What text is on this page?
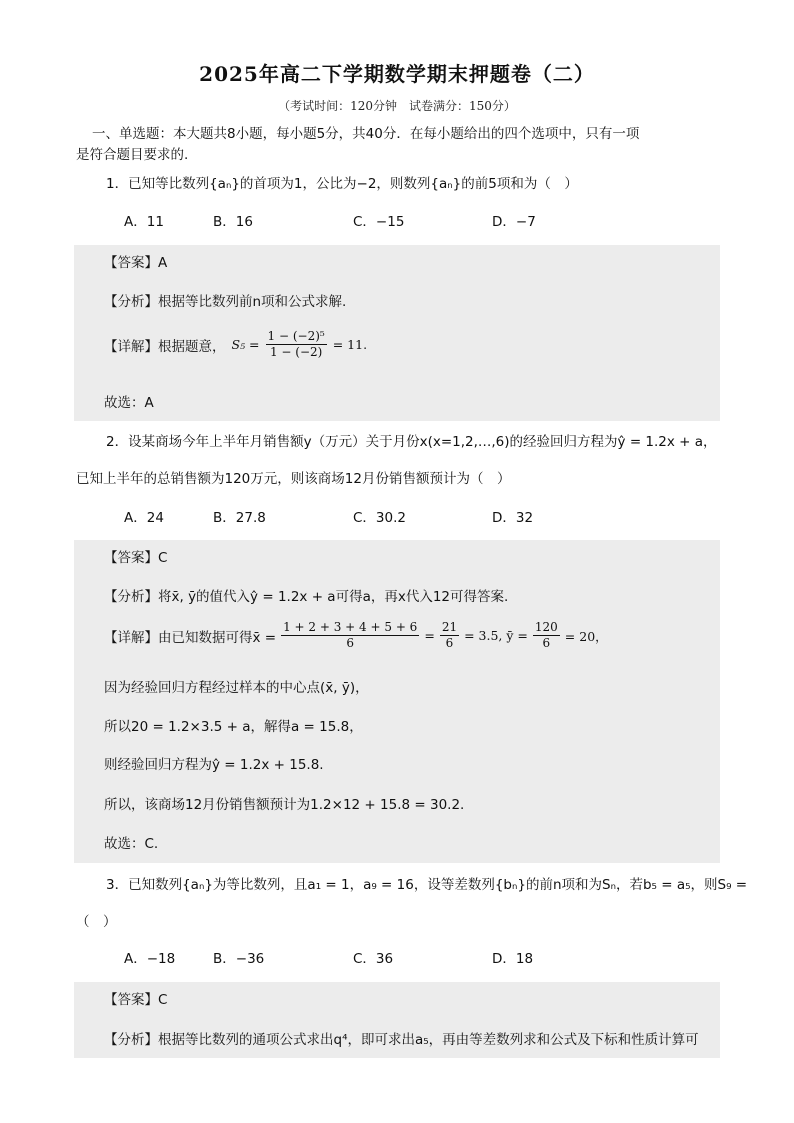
2025年高二下学期数学期末押题卷（二）
（考试时间：120分钟　试卷满分：150分）
一、单选题：本大题共8小题，每小题5分，共40分．在每小题给出的四个选项中，只有一项
是符合题目要求的.
1．已知等比数列{aₙ}的首项为1，公比为−2，则数列{aₙ}的前5项和为（　）
A．11	B．16	C．−15	D．−7
【答案】A
【分析】根据等比数列前n项和公式求解.
【详解】根据题意， $S_5 = \frac{\text{1 − (−2)⁵}}{1 - (-2)} = 11$.
故选：A
2．设某商场今年上半年月销售额y（万元）关于月份x(x=1,2,…,6)的经验回归方程为ŷ = 1.2x + a，
已知上半年的总销售额为120万元，则该商场12月份销售额预计为（　）
A．24	B．27.8	C．30.2	D．32
【答案】C
【分析】将x̄, ȳ的值代入ŷ = 1.2x + a可得a，再x代入12可得答案.
【详解】由已知数据可得x̄ = $\frac{1 + 2 + 3 + 4 + 5 + 6}{6} = \frac{21}{6} = 3.5$, ȳ = $\frac{120}{6} = 20$，
因为经验回归方程经过样本的中心点(x̄, ȳ)，
所以20 = 1.2×3.5 + a，解得a = 15.8，
则经验回归方程为ŷ = 1.2x + 15.8.
所以，该商场12月份销售额预计为1.2×12 + 15.8 = 30.2.
故选：C.
3．已知数列{aₙ}为等比数列，且a₁ = 1，a₉ = 16，设等差数列{bₙ}的前n项和为Sₙ，若b₅ = a₅，则S₉ =
（　）
A．−18	B．−36	C．36	D．18
【答案】C
【分析】根据等比数列的通项公式求出q⁴，即可求出a₅，再由等差数列求和公式及下标和性质计算可
